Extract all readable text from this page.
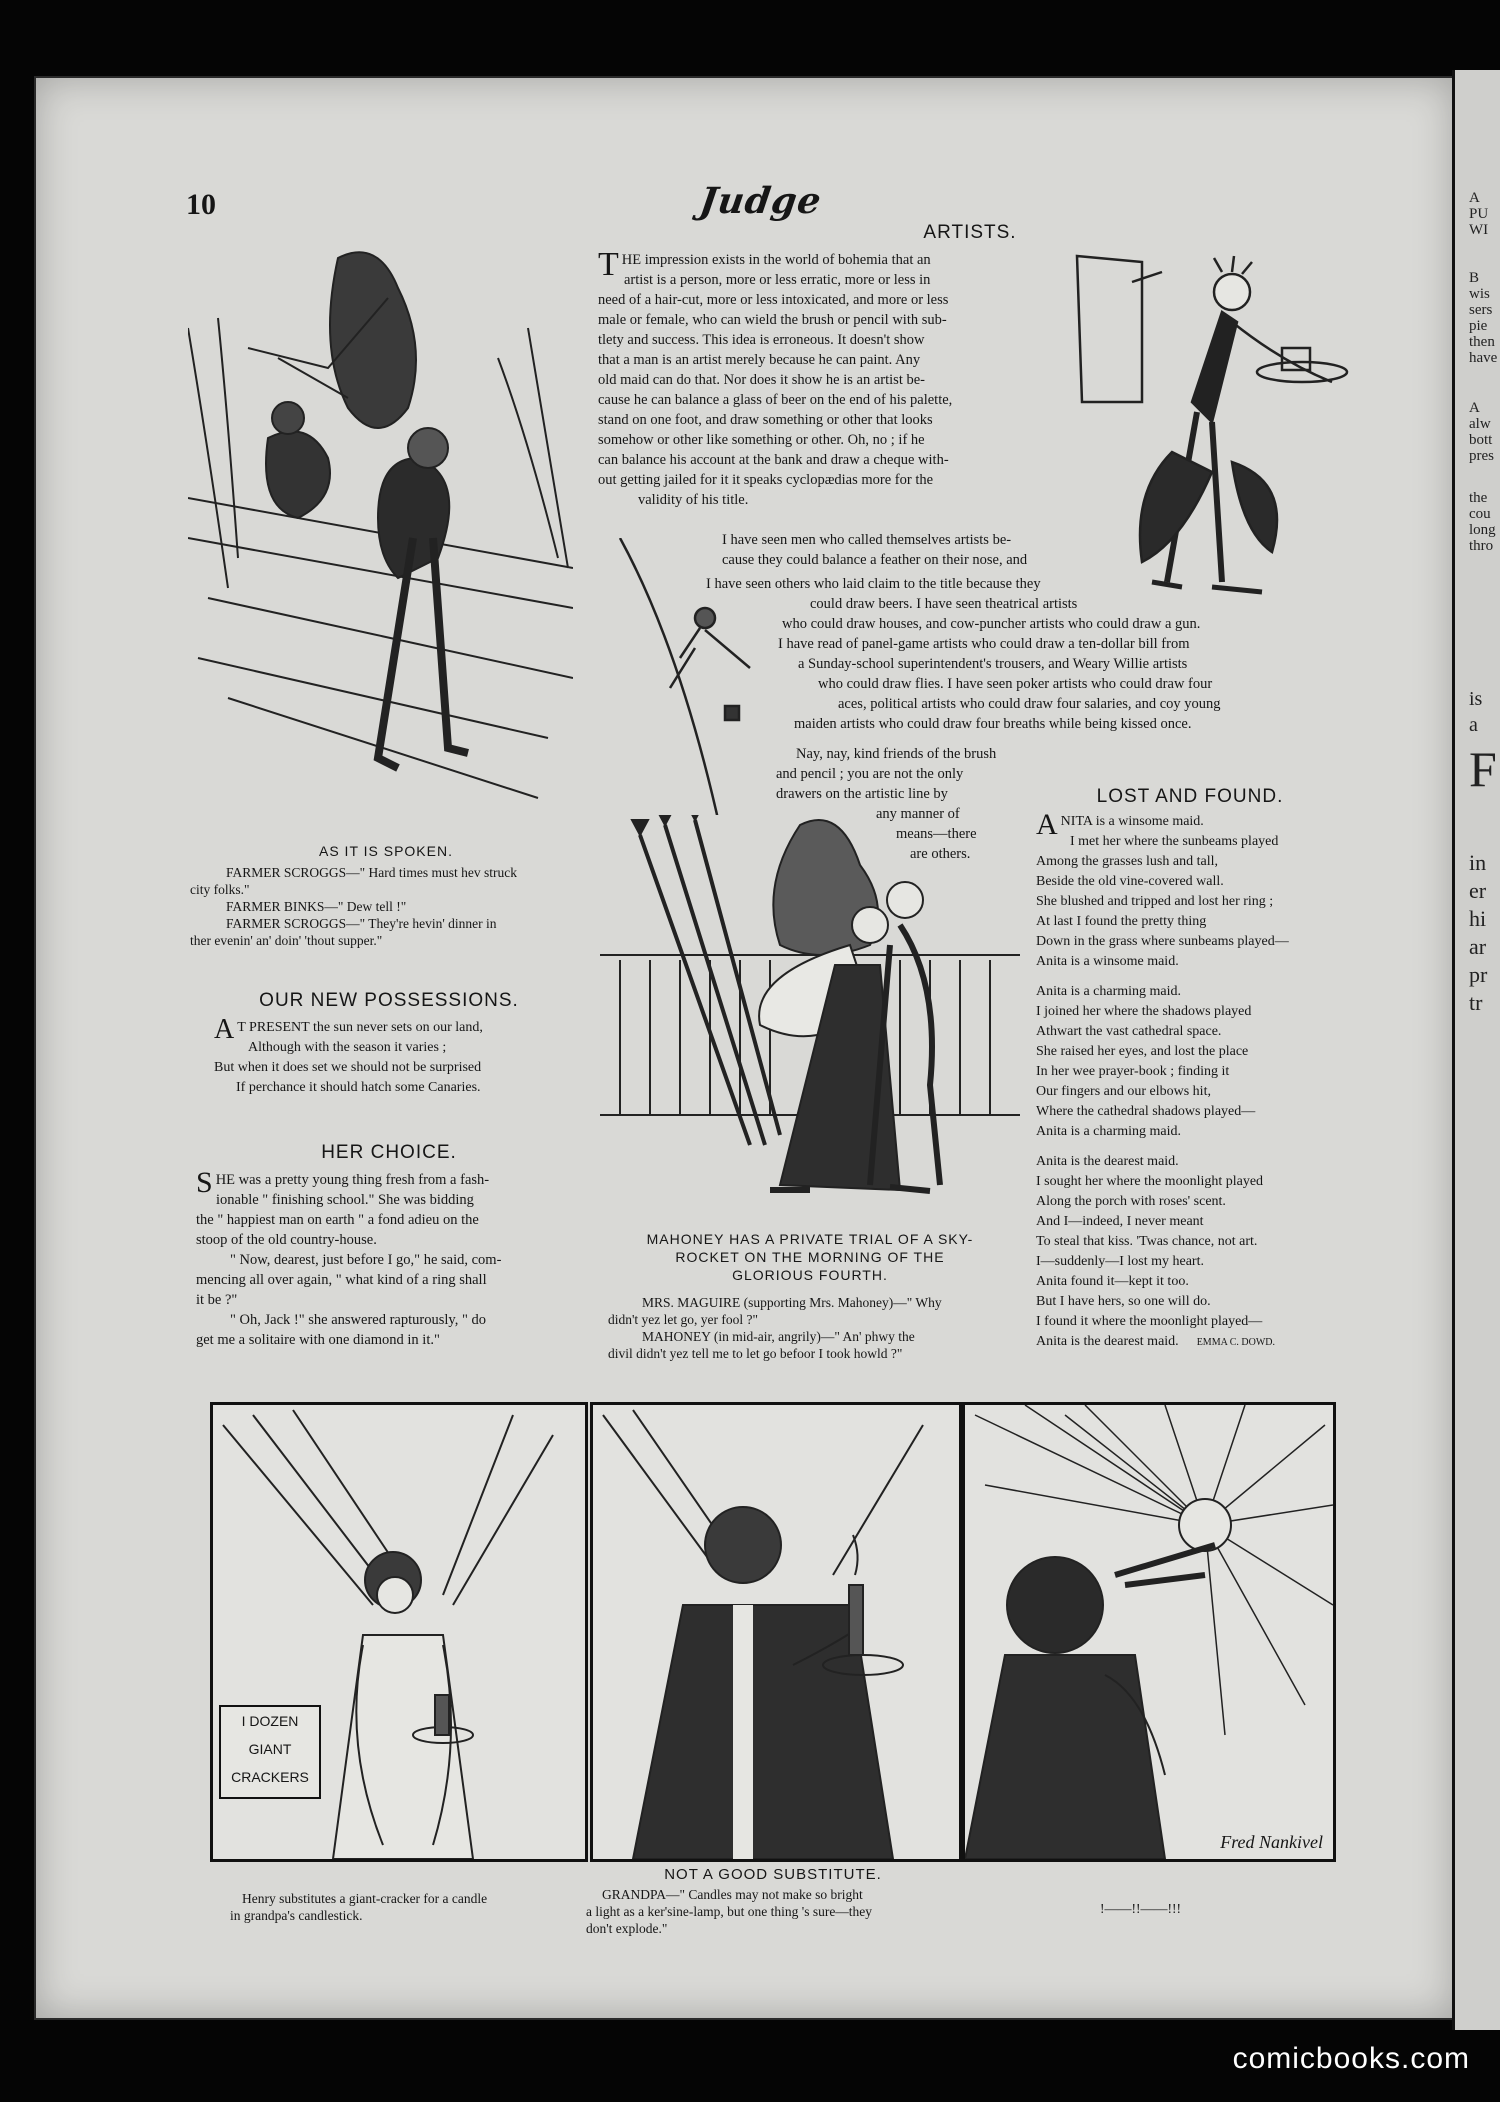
A
PU
WI
B
wis
sers
pie
then
have
A
alw
bott
pres
the
cou
long
thro
is
a
F
in
er
hi
ar
pr
tr
10	Judge
ARTISTS.
THE impression exists in the world of bohemia that an
artist is a person, more or less erratic, more or less in
need of a hair-cut, more or less intoxicated, and more or less
male or female, who can wield the brush or pencil with sub-
tlety and success. This idea is erroneous. It doesn't show
that a man is an artist merely because he can paint. Any
old maid can do that. Nor does it show he is an artist be-
cause he can balance a glass of beer on the end of his palette,
stand on one foot, and draw something or other that looks
somehow or other like something or other. Oh, no ; if he
can balance his account at the bank and draw a cheque with-
out getting jailed for it it speaks cyclopædias more for the
validity of his title.
I have seen men who called themselves artists be-
cause they could balance a feather on their nose, and
I have seen others who laid claim to the title because they
could draw beers. I have seen theatrical artists
who could draw houses, and cow-puncher artists who could draw a gun.
I have read of panel-game artists who could draw a ten-dollar bill from
a Sunday-school superintendent's trousers, and Weary Willie artists
who could draw flies. I have seen poker artists who could draw four
aces, political artists who could draw four salaries, and coy young
maiden artists who could draw four breaths while being kissed once.
Nay, nay, kind friends of the brush
and pencil ; you are not the only
drawers on the artistic line by
any manner of
means—there
are others.
AS IT IS SPOKEN.
FARMER SCROGGS—" Hard times must hev struck
city folks."
FARMER BINKS—" Dew tell !"
FARMER SCROGGS—" They're hevin' dinner in
ther evenin' an' doin' 'thout supper."
OUR NEW POSSESSIONS.
A T PRESENT the sun never sets on our land,
Although with the season it varies ;
But when it does set we should not be surprised
If perchance it should hatch some Canaries.
HER CHOICE.
SHE was a pretty young thing fresh from a fash-
ionable " finishing school." She was bidding
the " happiest man on earth " a fond adieu on the
stoop of the old country-house.
" Now, dearest, just before I go," he said, com-
mencing all over again, " what kind of a ring shall
it be ?"
" Oh, Jack !" she answered rapturously, " do
get me a solitaire with one diamond in it."
MAHONEY HAS A PRIVATE TRIAL OF A SKY-
ROCKET ON THE MORNING OF THE
GLORIOUS FOURTH.
MRS. MAGUIRE (supporting Mrs. Mahoney)—" Why
didn't yez let go, yer fool ?"
MAHONEY (in mid-air, angrily)—" An' phwy the
divil didn't yez tell me to let go befoor I took howld ?"
LOST AND FOUND.
ANITA is a winsome maid.
I met her where the sunbeams played
Among the grasses lush and tall,
Beside the old vine-covered wall.
She blushed and tripped and lost her ring ;
At last I found the pretty thing
Down in the grass where sunbeams played—
Anita is a winsome maid.
Anita is a charming maid.
I joined her where the shadows played
Athwart the vast cathedral space.
She raised her eyes, and lost the place
In her wee prayer-book ; finding it
Our fingers and our elbows hit,
Where the cathedral shadows played—
Anita is a charming maid.
Anita is the dearest maid.
I sought her where the moonlight played
Along the porch with roses' scent.
And I—indeed, I never meant
To steal that kiss. 'Twas chance, not art.
I—suddenly—I lost my heart.
Anita found it—kept it too.
But I have hers, so one will do.
I found it where the moonlight played—
Anita is the dearest maid. EMMA C. DOWD.
I DOZEN
GIANT
CRACKERS
Fred Nankivel
NOT A GOOD SUBSTITUTE.
Henry substitutes a giant-cracker for a candle
in grandpa's candlestick.
GRANDPA—" Candles may not make so bright
a light as a ker'sine-lamp, but one thing 's sure—they
don't explode."
!——!!——!!!
comicbooks.com
